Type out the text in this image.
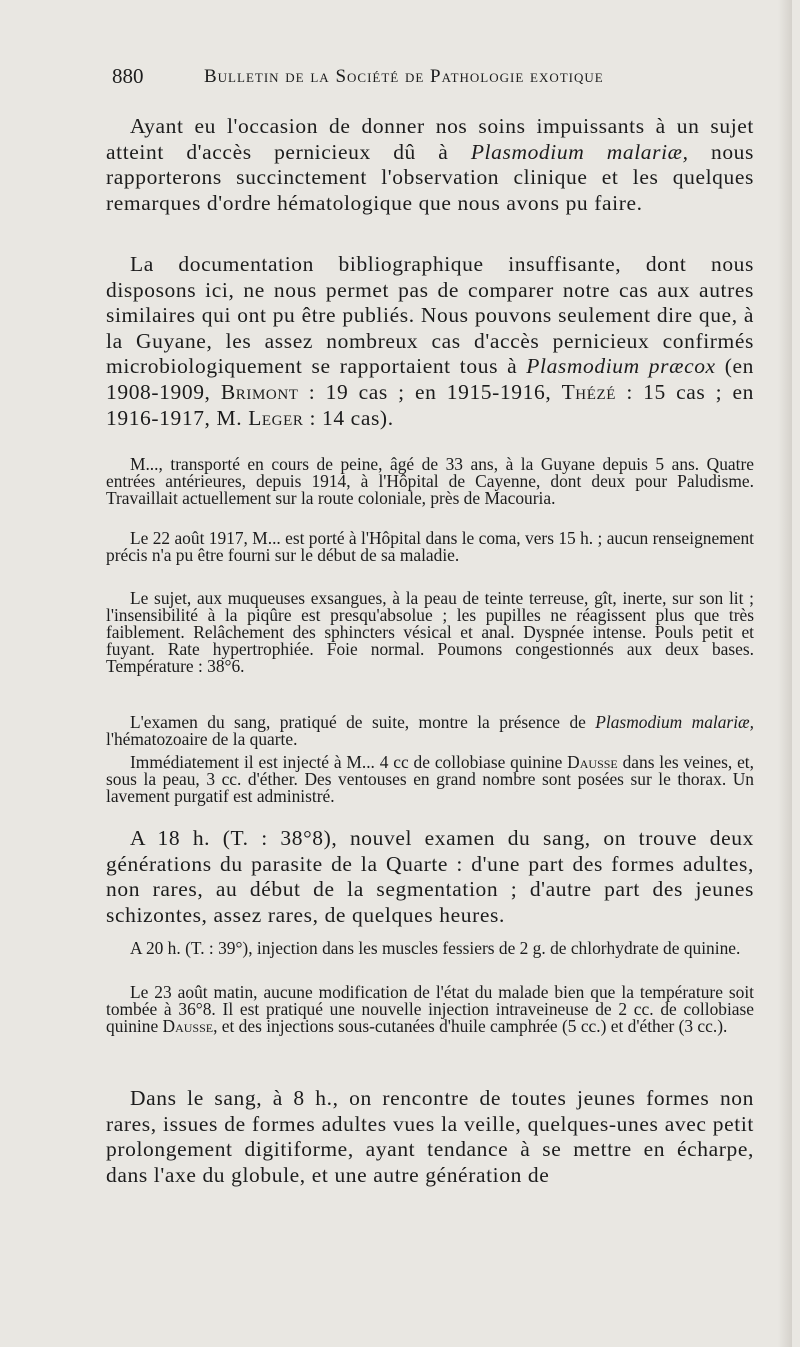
880	Bulletin de la Société de Pathologie exotique

Ayant eu l'occasion de donner nos soins impuissants à un sujet atteint d'accès pernicieux dû à Plasmodium malariæ, nous rapporterons succinctement l'observation clinique et les quelques remarques d'ordre hématologique que nous avons pu faire.

La documentation bibliographique insuffisante, dont nous disposons ici, ne nous permet pas de comparer notre cas aux autres similaires qui ont pu être publiés. Nous pouvons seulement dire que, à la Guyane, les assez nombreux cas d'accès pernicieux confirmés microbiologiquement se rapportaient tous à Plasmodium præcox (en 1908-1909, Brimont : 19 cas ; en 1915-1916, Thézé : 15 cas ; en 1916-1917, M. Leger : 14 cas).

M..., transporté en cours de peine, âgé de 33 ans, à la Guyane depuis 5 ans. Quatre entrées antérieures, depuis 1914, à l'Hôpital de Cayenne, dont deux pour Paludisme. Travaillait actuellement sur la route coloniale, près de Macouria.

Le 22 août 1917, M... est porté à l'Hôpital dans le coma, vers 15 h. ; aucun renseignement précis n'a pu être fourni sur le début de sa maladie.

Le sujet, aux muqueuses exsangues, à la peau de teinte terreuse, gît, inerte, sur son lit ; l'insensibilité à la piqûre est presqu'absolue ; les pupilles ne réagissent plus que très faiblement. Relâchement des sphincters vésical et anal. Dyspnée intense. Pouls petit et fuyant. Rate hypertrophiée. Foie normal. Poumons congestionnés aux deux bases. Température : 38°6.

L'examen du sang, pratiqué de suite, montre la présence de Plasmodium malariæ, l'hématozoaire de la quarte.

Immédiatement il est injecté à M... 4 cc de collobiase quinine Dausse dans les veines, et, sous la peau, 3 cc. d'éther. Des ventouses en grand nombre sont posées sur le thorax. Un lavement purgatif est administré.

A 18 h. (T. : 38°8), nouvel examen du sang, on trouve deux générations du parasite de la Quarte : d'une part des formes adultes, non rares, au début de la segmentation ; d'autre part des jeunes schizontes, assez rares, de quelques heures.

A 20 h. (T. : 39°), injection dans les muscles fessiers de 2 g. de chlorhydrate de quinine.

Le 23 août matin, aucune modification de l'état du malade bien que la température soit tombée à 36°8. Il est pratiqué une nouvelle injection intraveineuse de 2 cc. de collobiase quinine Dausse, et des injections sous-cutanées d'huile camphrée (5 cc.) et d'éther (3 cc.).

Dans le sang, à 8 h., on rencontre de toutes jeunes formes non rares, issues de formes adultes vues la veille, quelques-unes avec petit prolongement digitiforme, ayant tendance à se mettre en écharpe, dans l'axe du globule, et une autre génération de
